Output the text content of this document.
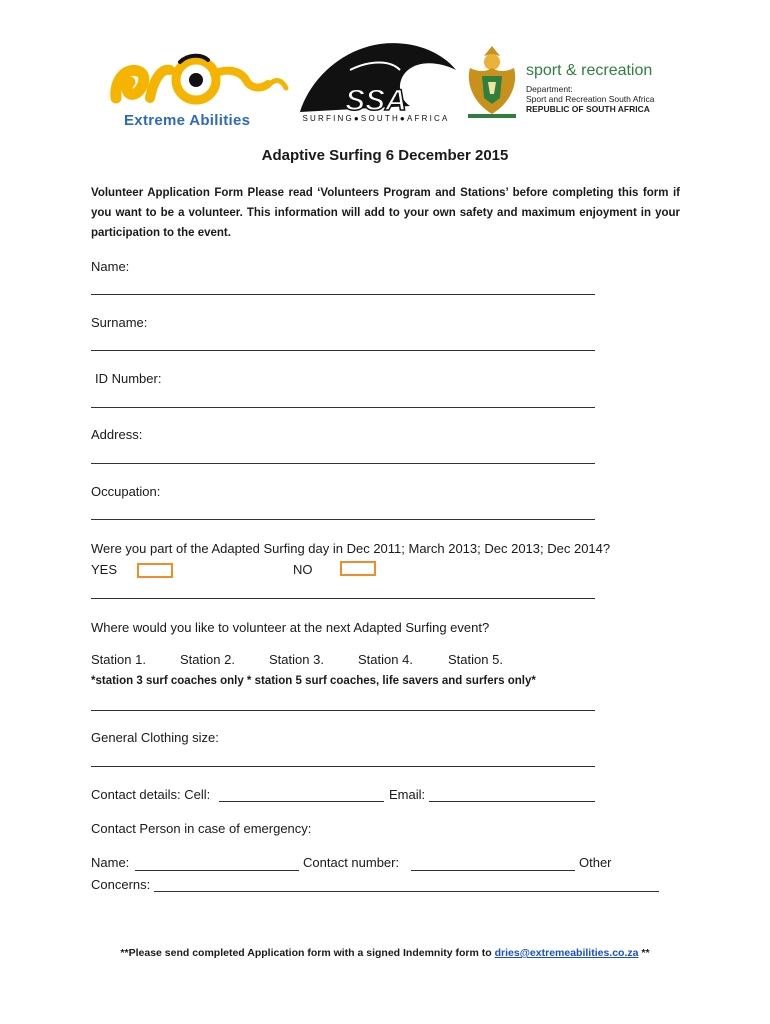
Extreme Abilities
SSA
SURFING●SOUTH●AFRICA
sport & recreation
Department:
Sport and Recreation South Africa
REPUBLIC OF SOUTH AFRICA
Adaptive Surfing 6 December 2015
Volunteer Application Form Please read ‘Volunteers Program and Stations’ before completing this form if you want to be a volunteer. This information will add to your own safety and maximum enjoyment in your participation to the event.
Name:
Surname:
ID Number:
Address:
Occupation:
Were you part of the Adapted Surfing day in Dec 2011; March 2013; Dec 2013; Dec 2014?
YES	NO
Where would you like to volunteer at the next Adapted Surfing event?
Station 1.	Station 2.	Station 3.	Station 4.	Station 5.
*station 3 surf coaches only * station 5 surf coaches, life savers and surfers only*
General Clothing size:
Contact details: Cell:	Email:
Contact Person in case of emergency:
Name:	Contact number:	Other
Concerns:
**Please send completed Application form with a signed Indemnity form to dries@extremeabilities.co.za **
